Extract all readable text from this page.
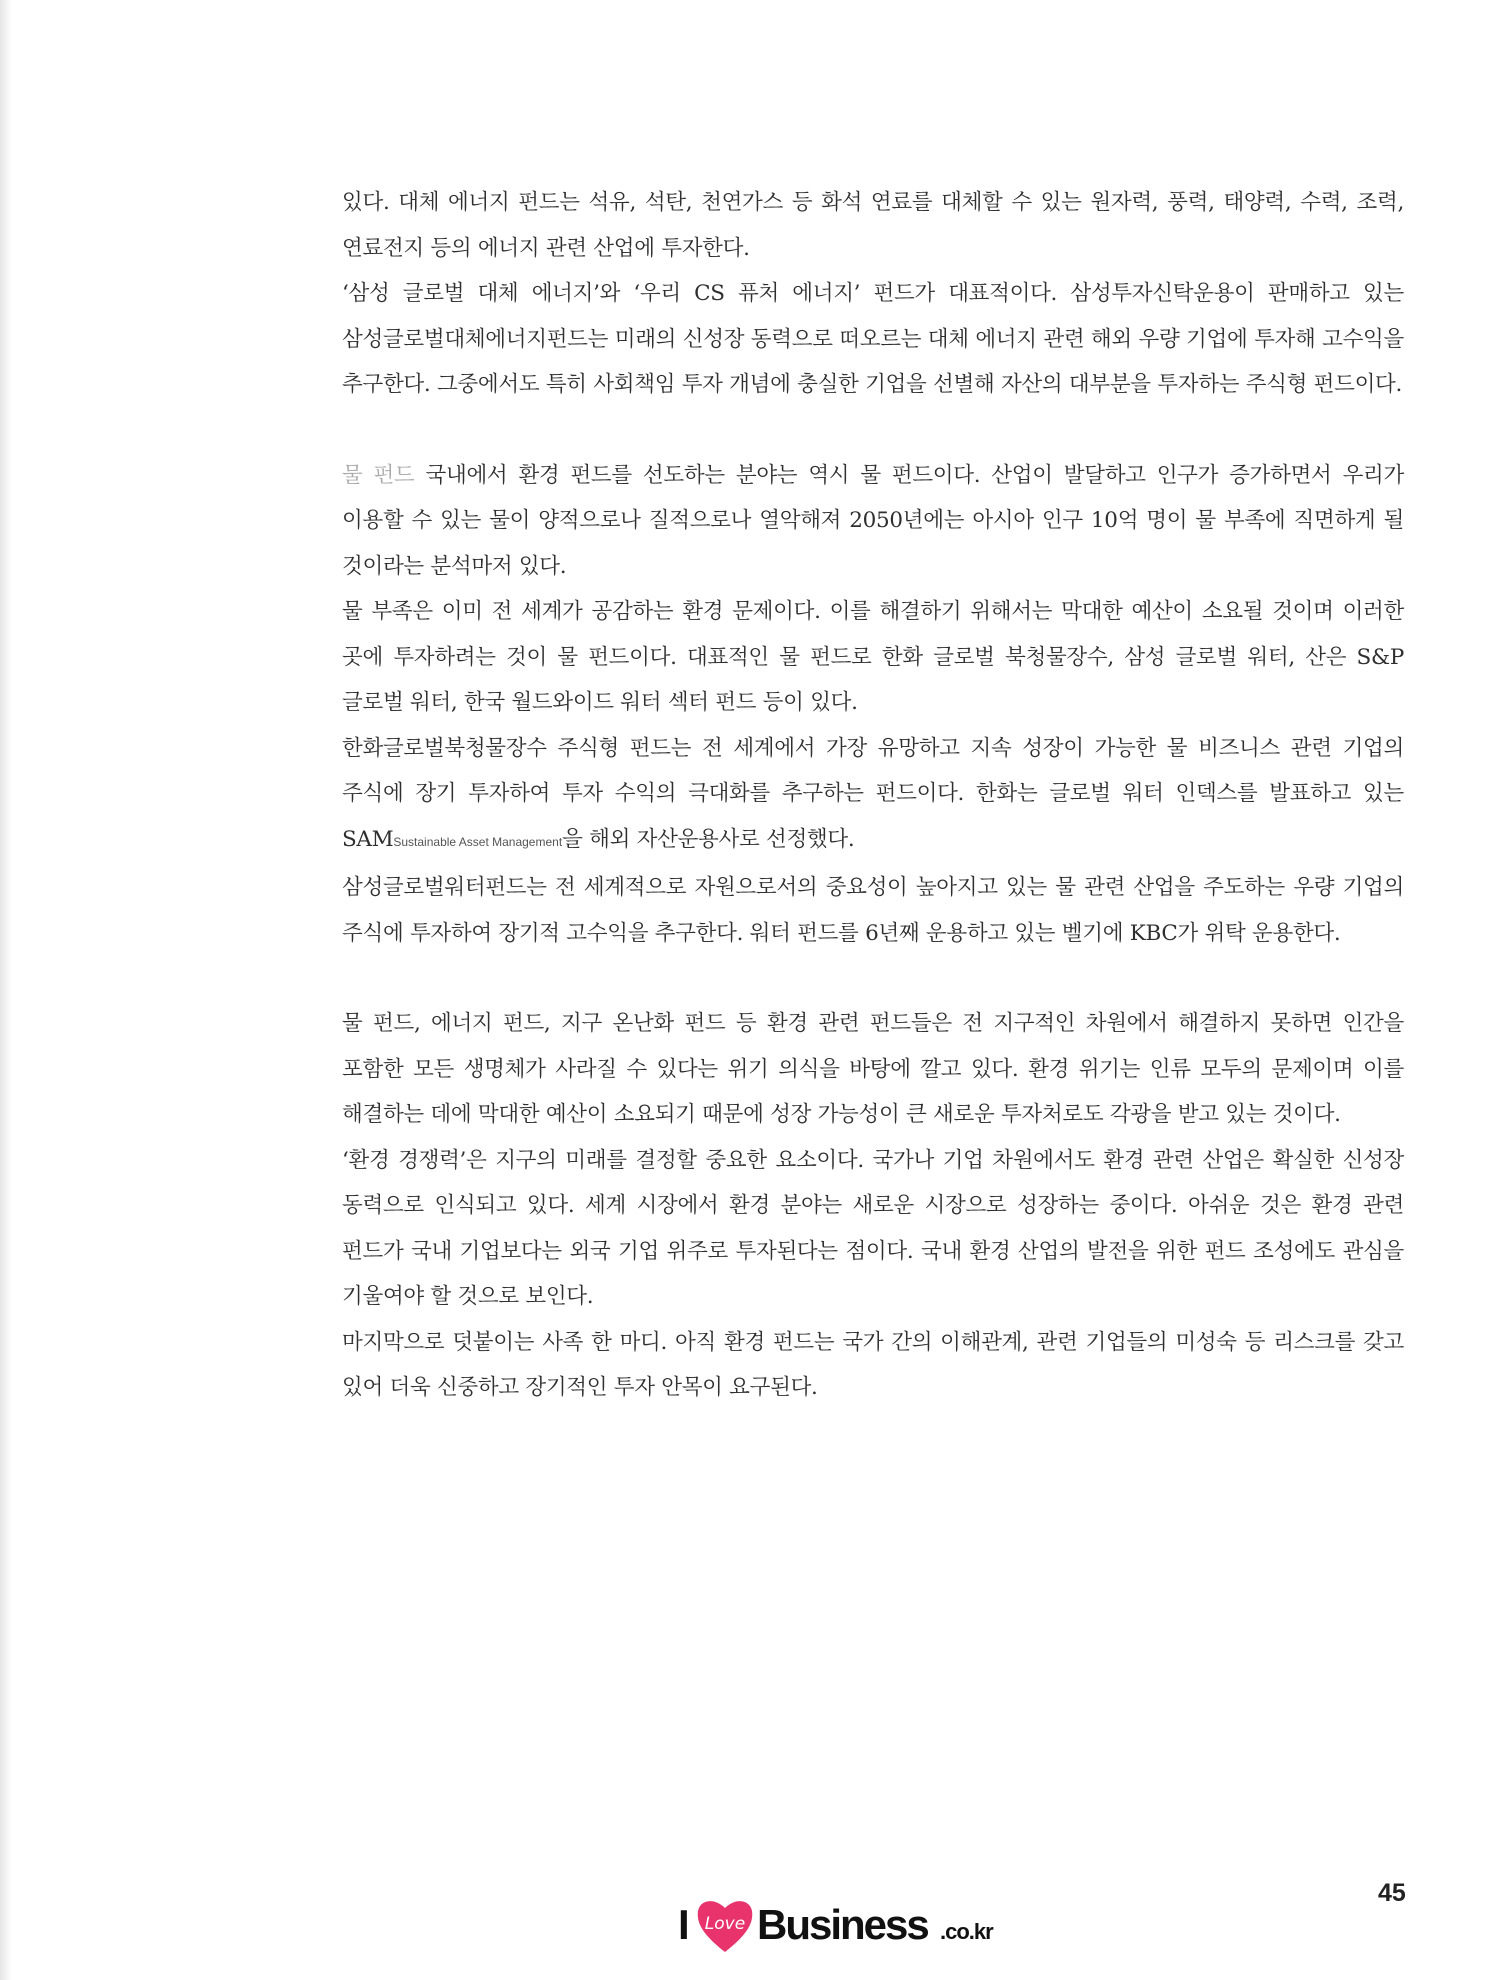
있다. 대체 에너지 펀드는 석유, 석탄, 천연가스 등 화석 연료를 대체할 수 있는 원자력, 풍력, 태양력, 수력, 조력, 연료전지 등의 에너지 관련 산업에 투자한다.

‘삼성 글로벌 대체 에너지’와 ‘우리 CS 퓨처 에너지’ 펀드가 대표적이다. 삼성투자신탁운용이 판매하고 있는 삼성글로벌대체에너지펀드는 미래의 신성장 동력으로 떠오르는 대체 에너지 관련 해외 우량 기업에 투자해 고수익을 추구한다. 그중에서도 특히 사회책임 투자 개념에 충실한 기업을 선별해 자산의 대부분을 투자하는 주식형 펀드이다.

물 펀드 국내에서 환경 펀드를 선도하는 분야는 역시 물 펀드이다. 산업이 발달하고 인구가 증가하면서 우리가 이용할 수 있는 물이 양적으로나 질적으로나 열악해져 2050년에는 아시아 인구 10억 명이 물 부족에 직면하게 될 것이라는 분석마저 있다.

물 부족은 이미 전 세계가 공감하는 환경 문제이다. 이를 해결하기 위해서는 막대한 예산이 소요될 것이며 이러한 곳에 투자하려는 것이 물 펀드이다. 대표적인 물 펀드로 한화 글로벌 북청물장수, 삼성 글로벌 워터, 산은 S&P 글로벌 워터, 한국 월드와이드 워터 섹터 펀드 등이 있다.

한화글로벌북청물장수 주식형 펀드는 전 세계에서 가장 유망하고 지속 성장이 가능한 물 비즈니스 관련 기업의 주식에 장기 투자하여 투자 수익의 극대화를 추구하는 펀드이다. 한화는 글로벌 워터 인덱스를 발표하고 있는 SAMSustainable Asset Management을 해외 자산운용사로 선정했다.

삼성글로벌워터펀드는 전 세계적으로 자원으로서의 중요성이 높아지고 있는 물 관련 산업을 주도하는 우량 기업의 주식에 투자하여 장기적 고수익을 추구한다. 워터 펀드를 6년째 운용하고 있는 벨기에 KBC가 위탁 운용한다.

물 펀드, 에너지 펀드, 지구 온난화 펀드 등 환경 관련 펀드들은 전 지구적인 차원에서 해결하지 못하면 인간을 포함한 모든 생명체가 사라질 수 있다는 위기 의식을 바탕에 깔고 있다. 환경 위기는 인류 모두의 문제이며 이를 해결하는 데에 막대한 예산이 소요되기 때문에 성장 가능성이 큰 새로운 투자처로도 각광을 받고 있는 것이다.

‘환경 경쟁력’은 지구의 미래를 결정할 중요한 요소이다. 국가나 기업 차원에서도 환경 관련 산업은 확실한 신성장 동력으로 인식되고 있다. 세계 시장에서 환경 분야는 새로운 시장으로 성장하는 중이다. 아쉬운 것은 환경 관련 펀드가 국내 기업보다는 외국 기업 위주로 투자된다는 점이다. 국내 환경 산업의 발전을 위한 펀드 조성에도 관심을 기울여야 할 것으로 보인다.

마지막으로 덧붙이는 사족 한 마디. 아직 환경 펀드는 국가 간의 이해관계, 관련 기업들의 미성숙 등 리스크를 갖고 있어 더욱 신중하고 장기적인 투자 안목이 요구된다.

45
I Love Business .co.kr
